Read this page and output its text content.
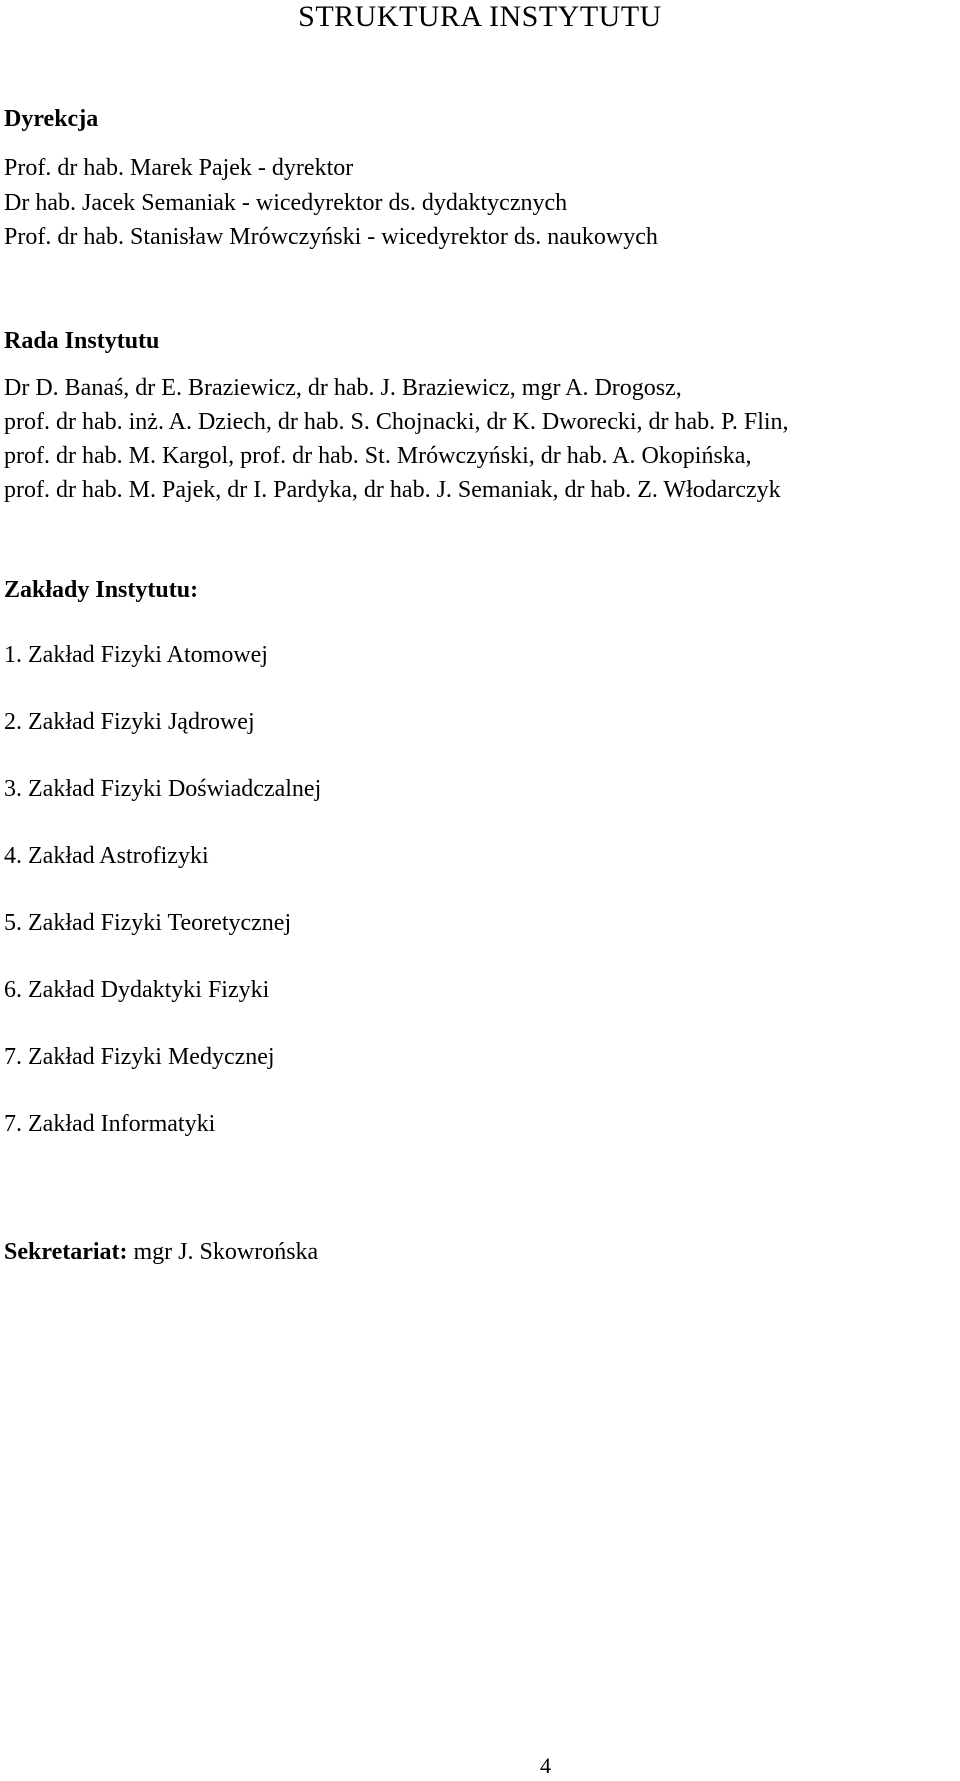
STRUKTURA INSTYTUTU
Dyrekcja
Prof. dr hab. Marek Pajek - dyrektor
Dr hab. Jacek Semaniak - wicedyrektor ds. dydaktycznych
Prof. dr hab. Stanisław Mrówczyński - wicedyrektor ds. naukowych
Rada Instytutu
Dr D. Banaś, dr E. Braziewicz, dr hab. J. Braziewicz, mgr A. Drogosz,
prof. dr hab. inż. A. Dziech, dr hab. S. Chojnacki, dr K. Dworecki, dr hab. P. Flin,
prof. dr hab. M. Kargol, prof. dr hab. St. Mrówczyński, dr hab. A. Okopińska,
prof. dr hab. M. Pajek, dr I. Pardyka, dr hab. J. Semaniak, dr hab. Z. Włodarczyk
Zakłady Instytutu:
1. Zakład Fizyki Atomowej
2. Zakład Fizyki Jądrowej
3. Zakład Fizyki Doświadczalnej
4. Zakład Astrofizyki
5. Zakład Fizyki Teoretycznej
6. Zakład Dydaktyki Fizyki
7. Zakład Fizyki Medycznej
7. Zakład Informatyki
Sekretariat: mgr J. Skowrońska
4
